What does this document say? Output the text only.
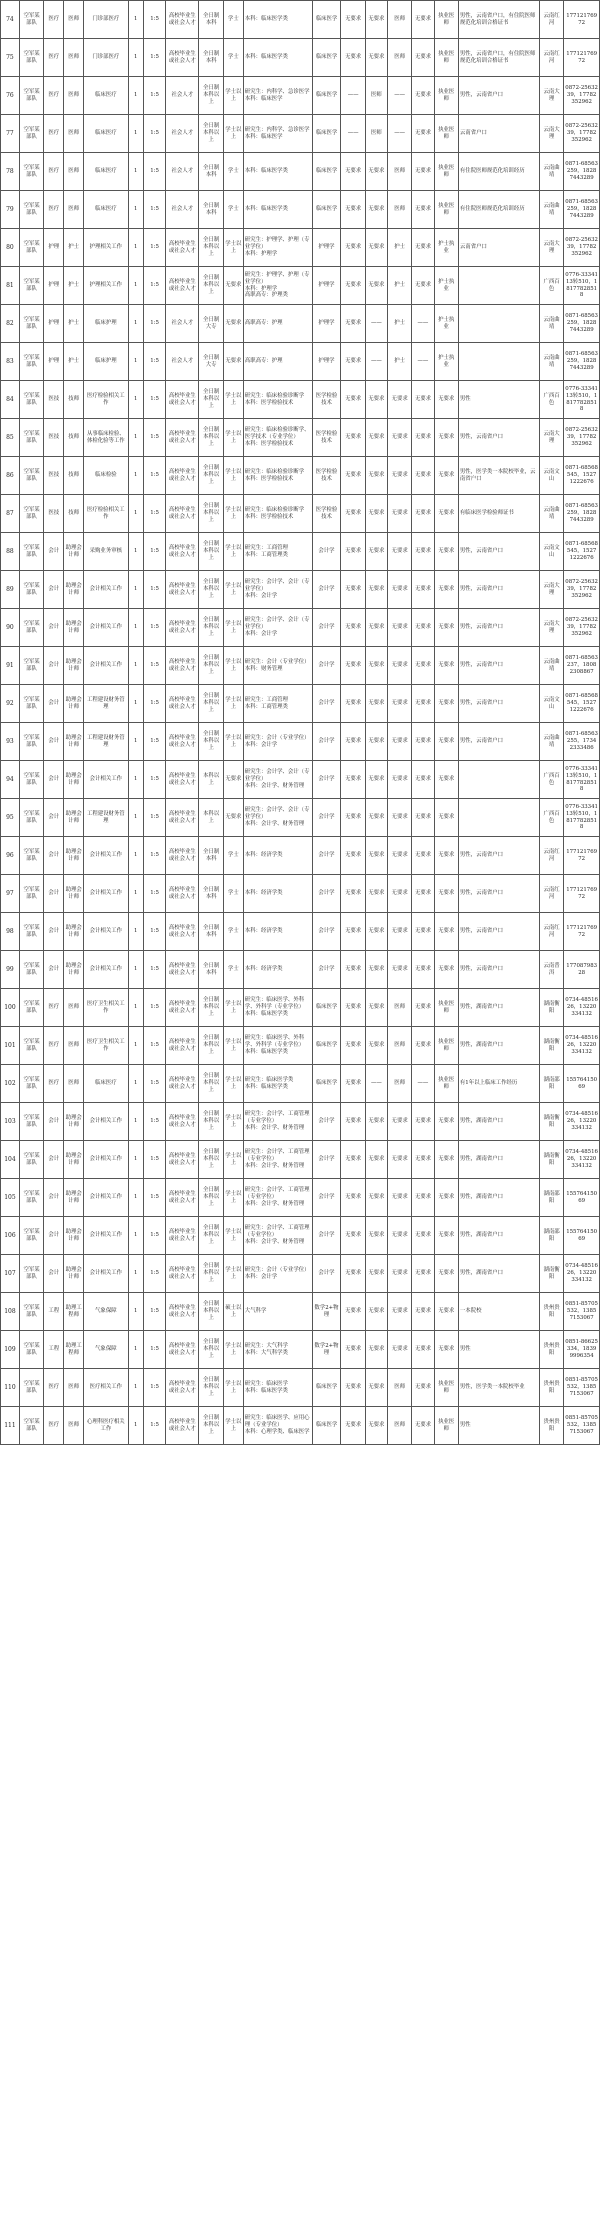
74	空军某部队	医疗	医师	门诊部医疗	1	1:5	高校毕业生或社会人才	全日制本科	学士	本科：临床医学类	临床医学	无要求	无要求	医师	无要求	执业医师	男性，云南省户口，有住院医师规范化培训合格证书	云南红河	17712176972
75	空军某部队	医疗	医师	门诊部医疗	1	1:5	高校毕业生或社会人才	全日制本科	学士	本科：临床医学类	临床医学	无要求	无要求	医师	无要求	执业医师	男性，云南省户口，有住院医师规范化培训合格证书	云南红河	17712176972
76	空军某部队	医疗	医师	临床医疗	1	1:5	社会人才	全日制本科以上	学士以上	研究生：内科学、急诊医学
本科：临床医学	临床医学	——	医师	——	无要求	执业医师	男性，云南省户口	云南大理	0872-2563239，17782352962
77	空军某部队	医疗	医师	临床医疗	1	1:5	社会人才	全日制本科以上	学士以上	研究生：内科学、急诊医学
本科：临床医学	临床医学	——	医师	——	无要求	执业医师	云南省户口	云南大理	0872-2563239，17782352962
78	空军某部队	医疗	医师	临床医疗	1	1:5	社会人才	全日制本科	学士	本科：临床医学类	临床医学	无要求	无要求	医师	无要求	执业医师	有住院医师规范化培训经历	云南曲靖	0871-68563259，18287443289
79	空军某部队	医疗	医师	临床医疗	1	1:5	社会人才	全日制本科	学士	本科：临床医学类	临床医学	无要求	无要求	医师	无要求	执业医师	有住院医师规范化培训经历	云南曲靖	0871-68563259，18287443289
80	空军某部队	护理	护士	护理相关工作	1	1:5	高校毕业生或社会人才	全日制本科以上	学士以上	研究生：护理学、护理（专业学位）
本科：护理学	护理学	无要求	无要求	护士	无要求	护士执业	云南省户口	云南大理	0872-2563239，17782352962
81	空军某部队	护理	护士	护理相关工作	1	1:5	高校毕业生或社会人才	全日制本科以上	无要求	研究生：护理学、护理（专业学位）
本科：护理学
高职高专：护理类	护理学	无要求	无要求	护士	无要求	护士执业		广西百色	0776-3334113转510，18177828518
82	空军某部队	护理	护士	临床护理	1	1:5	社会人才	全日制大专	无要求	高职高专：护理	护理学	无要求	——	护士	——	护士执业		云南曲靖	0871-68563259，18287443289
83	空军某部队	护理	护士	临床护理	1	1:5	社会人才	全日制大专	无要求	高职高专：护理	护理学	无要求	——	护士	——	护士执业		云南曲靖	0871-68563259，18287443289
84	空军某部队	医技	技师	医疗检验相关工作	1	1:5	高校毕业生或社会人才	全日制本科以上	学士以上	研究生：临床检验诊断学
本科：医学检验技术	医学检验技术	无要求	无要求	无要求	无要求	无要求	男性	广西百色	0776-3334113转510，18177828518
85	空军某部队	医技	技师	从事临床检验、体检化验等工作	1	1:5	高校毕业生或社会人才	全日制本科以上	学士以上	研究生：临床检验诊断学、医学技术（专业学位）
本科：医学检验技术	医学检验技术	无要求	无要求	无要求	无要求	无要求	男性，云南省户口	云南大理	0872-2563239，17782352962
86	空军某部队	医技	技师	临床检验	1	1:5	高校毕业生或社会人才	全日制本科以上	学士以上	研究生：临床检验诊断学
本科：医学检验技术	医学检验技术	无要求	无要求	无要求	无要求	无要求	男性，医学类一本院校毕业，云南省户口	云南文山	0871-68568545，15271222676
87	空军某部队	医技	技师	医疗检验相关工作	1	1:5	高校毕业生或社会人才	全日制本科以上	学士以上	研究生：临床检验诊断学
本科：医学检验技术	医学检验技术	无要求	无要求	无要求	无要求	无要求	有临床医学检验师证书	云南曲靖	0871-68563259，18287443289
88	空军某部队	会计	助理会计师	采购业务审核	1	1:5	高校毕业生或社会人才	全日制本科以上	学士以上	研究生：工商管理
本科：工商管理类	会计学	无要求	无要求	无要求	无要求	无要求	男性，云南省户口	云南文山	0871-68568545，15271222676
89	空军某部队	会计	助理会计师	会计相关工作	1	1:5	高校毕业生或社会人才	全日制本科以上	学士以上	研究生：会计学、会计（专业学位）
本科：会计学	会计学	无要求	无要求	无要求	无要求	无要求	男性，云南省户口	云南大理	0872-2563239，17782352962
90	空军某部队	会计	助理会计师	会计相关工作	1	1:5	高校毕业生或社会人才	全日制本科以上	学士以上	研究生：会计学、会计（专业学位）
本科：会计学	会计学	无要求	无要求	无要求	无要求	无要求	男性，云南省户口	云南大理	0872-2563239，17782352962
91	空军某部队	会计	助理会计师	会计相关工作	1	1:5	高校毕业生或社会人才	全日制本科以上	学士以上	研究生：会计（专业学位）
本科：财务管理	会计学	无要求	无要求	无要求	无要求	无要求	男性，云南省户口	云南曲靖	0871-68563237，18082308867
92	空军某部队	会计	助理会计师	工程建设财务管理	1	1:5	高校毕业生或社会人才	全日制本科以上	学士以上	研究生：工商管理
本科：工商管理类	会计学	无要求	无要求	无要求	无要求	无要求	男性，云南省户口	云南文山	0871-68568545，15271222676
93	空军某部队	会计	助理会计师	工程建设财务管理	1	1:5	高校毕业生或社会人才	全日制本科以上	学士以上	研究生：会计（专业学位）
本科：会计学	会计学	无要求	无要求	无要求	无要求	无要求	男性，云南省户口	云南曲靖	0871-68563255，17342333486
94	空军某部队	会计	助理会计师	会计相关工作	1	1:5	高校毕业生或社会人才	本科以上	无要求	研究生：会计学、会计（专业学位）
本科：会计学、财务管理	会计学	无要求	无要求	无要求	无要求	无要求		广西百色	0776-3334113转510，18177828518
95	空军某部队	会计	助理会计师	工程建设财务管理	1	1:5	高校毕业生或社会人才	本科以上	无要求	研究生：会计学、会计（专业学位）
本科：会计学、财务管理	会计学	无要求	无要求	无要求	无要求	无要求		广西百色	0776-3334113转510，18177828518
96	空军某部队	会计	助理会计师	会计相关工作	1	1:5	高校毕业生或社会人才	全日制本科	学士	本科：经济学类	会计学	无要求	无要求	无要求	无要求	无要求	男性，云南省户口	云南红河	17712176972
97	空军某部队	会计	助理会计师	会计相关工作	1	1:5	高校毕业生或社会人才	全日制本科	学士	本科：经济学类	会计学	无要求	无要求	无要求	无要求	无要求	男性，云南省户口	云南红河	17712176972
98	空军某部队	会计	助理会计师	会计相关工作	1	1:5	高校毕业生或社会人才	全日制本科	学士	本科：经济学类	会计学	无要求	无要求	无要求	无要求	无要求	男性，云南省户口	云南红河	17712176972
99	空军某部队	会计	助理会计师	会计相关工作	1	1:5	高校毕业生或社会人才	全日制本科	学士	本科：经济学类	会计学	无要求	无要求	无要求	无要求	无要求	男性，云南省户口	云南普洱	17708798328
100	空军某部队	医疗	医师	医疗卫生相关工作	1	1:5	高校毕业生或社会人才	全日制本科以上	学士以上	研究生：临床医学、外科学、外科学（专业学位）
本科：临床医学类	临床医学	无要求	无要求	医师	无要求	执业医师	男性，湖南省户口	湖南衡阳	0734-4851626，13220334132
101	空军某部队	医疗	医师	医疗卫生相关工作	1	1:5	高校毕业生或社会人才	全日制本科以上	学士以上	研究生：临床医学、外科学、外科学（专业学位）
本科：临床医学类	临床医学	无要求	无要求	医师	无要求	执业医师	男性，湖南省户口	湖南衡阳	0734-4851626，13220334132
102	空军某部队	医疗	医师	临床医疗	1	1:5	高校毕业生或社会人才	全日制本科以上	学士以上	研究生：临床医学类
本科：临床医学类	临床医学	无要求	——	医师	——	执业医师	有1年以上临床工作经历	湖南邵阳	15576415069
103	空军某部队	会计	助理会计师	会计相关工作	1	1:5	高校毕业生或社会人才	全日制本科以上	学士以上	研究生：会计学、工商管理（专业学位）
本科：会计学、财务管理	会计学	无要求	无要求	无要求	无要求	无要求	男性，湖南省户口	湖南衡阳	0734-4851626，13220334132
104	空军某部队	会计	助理会计师	会计相关工作	1	1:5	高校毕业生或社会人才	全日制本科以上	学士以上	研究生：会计学、工商管理（专业学位）
本科：会计学、财务管理	会计学	无要求	无要求	无要求	无要求	无要求	男性，湖南省户口	湖南衡阳	0734-4851626，13220334132
105	空军某部队	会计	助理会计师	会计相关工作	1	1:5	高校毕业生或社会人才	全日制本科以上	学士以上	研究生：会计学、工商管理（专业学位）
本科：会计学、财务管理	会计学	无要求	无要求	无要求	无要求	无要求	男性，湖南省户口	湖南邵阳	15576415069
106	空军某部队	会计	助理会计师	会计相关工作	1	1:5	高校毕业生或社会人才	全日制本科以上	学士以上	研究生：会计学、工商管理（专业学位）
本科：会计学、财务管理	会计学	无要求	无要求	无要求	无要求	无要求	男性，湖南省户口	湖南邵阳	15576415069
107	空军某部队	会计	助理会计师	会计相关工作	1	1:5	高校毕业生或社会人才	全日制本科以上	学士以上	研究生：会计（专业学位）
本科：会计学	会计学	无要求	无要求	无要求	无要求	无要求	男性，湖南省户口	湖南衡阳	0734-4851626，13220334132
108	空军某部队	工程	助理工程师	气象保障	1	1:5	高校毕业生或社会人才	全日制本科以上	硕士以上	大气科学	数学2+物理	无要求	无要求	无要求	无要求	无要求	一本院校	贵州贵阳	0851-85705532，13857153067
109	空军某部队	工程	助理工程师	气象保障	1	1:5	高校毕业生或社会人才	全日制本科以上	学士以上	研究生：大气科学
本科：大气科学类	数学2+物理	无要求	无要求	无要求	无要求	无要求	男性	贵州贵阳	0851-86625334，18399996354
110	空军某部队	医疗	医师	医疗相关工作	1	1:5	高校毕业生或社会人才	全日制本科以上	学士以上	研究生：临床医学
本科：临床医学类	临床医学	无要求	无要求	医师	无要求	执业医师	男性，医学类一本院校毕业	贵州贵阳	0851-85705532，13857153067
111	空军某部队	医疗	医师	心理科医疗相关工作	1	1:5	高校毕业生或社会人才	全日制本科以上	学士以上	研究生：临床医学、应用心理（专业学位）
本科：心理学类、临床医学	临床医学	无要求	无要求	医师	无要求	执业医师	男性	贵州贵阳	0851-85705532，13857153067
